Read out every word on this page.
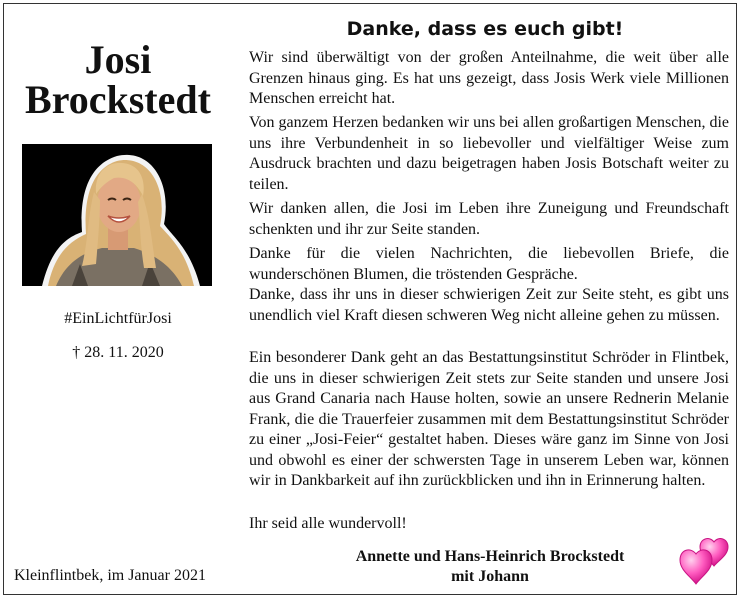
Josi
Brockstedt
#EinLichtfürJosi
† 28. 11. 2020
Kleinflintbek, im Januar 2021
Danke, dass es euch gibt!
Wir sind überwältigt von der großen Anteilnahme, die weit über alle Grenzen hinaus ging. Es hat uns gezeigt, dass Josis Werk viele Millionen Menschen erreicht hat.
Von ganzem Herzen bedanken wir uns bei allen großartigen Menschen, die uns ihre Verbundenheit in so liebevoller und vielfältiger Weise zum Ausdruck brachten und dazu beigetragen haben Josis Botschaft weiter zu teilen.
Wir danken allen, die Josi im Leben ihre Zuneigung und Freundschaft schenkten und ihr zur Seite standen.
Danke für die vielen Nachrichten, die liebevollen Briefe, die wunderschönen Blumen, die tröstenden Gespräche.
Danke, dass ihr uns in dieser schwierigen Zeit zur Seite steht, es gibt uns unendlich viel Kraft diesen schweren Weg nicht alleine gehen zu müssen.
Ein besonderer Dank geht an das Bestattungsinstitut Schröder in Flintbek, die uns in dieser schwierigen Zeit stets zur Seite standen und unsere Josi aus Grand Canaria nach Hause holten, sowie an unsere Rednerin Melanie Frank, die die Trauerfeier zusammen mit dem Bestattungsinstitut Schröder zu einer „Josi-Feier“ gestaltet haben. Dieses wäre ganz im Sinne von Josi und obwohl es einer der schwersten Tage in unserem Leben war, können wir in Dankbarkeit auf ihn zurückblicken und ihn in Erinnerung halten.
Ihr seid alle wundervoll!
Annette und Hans-Heinrich Brockstedt
mit Johann
